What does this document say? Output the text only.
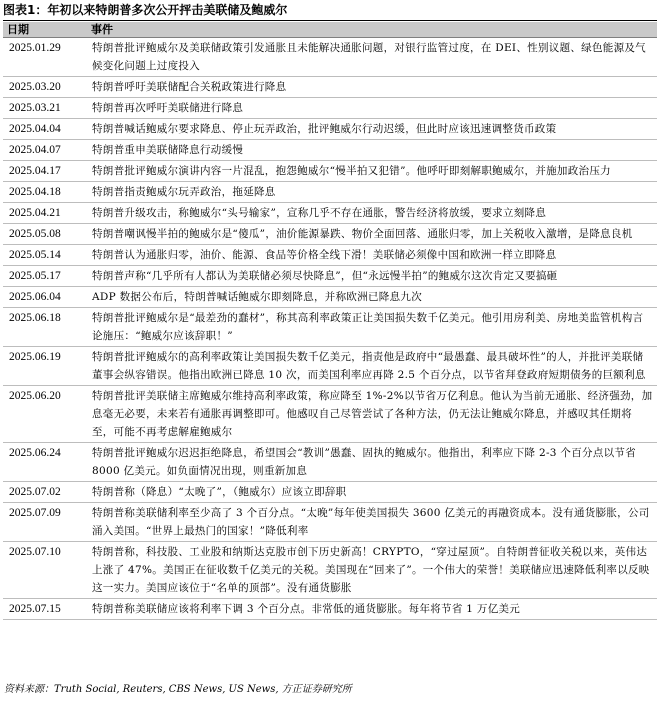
图表1：年初以来特朗普多次公开抨击美联储及鲍威尔
日期	事件
2025.01.29	特朗普批评鲍威尔及美联储政策引发通胀且未能解决通胀问题，对银行监管过度，在 DEI、性别议题、绿色能源及气候变化问题上过度投入
2025.03.20	特朗普呼吁美联储配合关税政策进行降息
2025.03.21	特朗普再次呼吁美联储进行降息
2025.04.04	特朗普喊话鲍威尔要求降息、停止玩弄政治，批评鲍威尔行动迟缓，但此时应该迅速调整货币政策
2025.04.07	特朗普重申美联储降息行动缓慢
2025.04.17	特朗普批评鲍威尔演讲内容一片混乱，抱怨鲍威尔“慢半拍又犯错”。他呼吁即刻解职鲍威尔，并施加政治压力
2025.04.18	特朗普指责鲍威尔玩弄政治，拖延降息
2025.04.21	特朗普升级攻击，称鲍威尔“头号输家”，宣称几乎不存在通胀，警告经济将放缓，要求立刻降息
2025.05.08	特朗普嘲讽慢半拍的鲍威尔是“傻瓜”，油价能源暴跌、物价全面回落、通胀归零，加上关税收入激增，是降息良机
2025.05.14	特朗普认为通胀归零，油价、能源、食品等价格全线下滑！美联储必须像中国和欧洲一样立即降息
2025.05.17	特朗普声称“几乎所有人都认为美联储必须尽快降息”，但“永远慢半拍”的鲍威尔这次肯定又要搞砸
2025.06.04	ADP 数据公布后，特朗普喊话鲍威尔即刻降息，并称欧洲已降息九次
2025.06.18	特朗普批评鲍威尔是“最差劲的蠢材”，称其高利率政策正让美国损失数千亿美元。他引用房利美、房地美监管机构言论施压：“鲍威尔应该辞职！”
2025.06.19	特朗普批评鲍威尔的高利率政策让美国损失数千亿美元，指责他是政府中“最愚蠢、最具破坏性”的人，并批评美联储董事会纵容错误。他指出欧洲已降息 10 次，而美国利率应再降 2.5 个百分点，以节省拜登政府短期债务的巨额利息
2025.06.20	特朗普批评美联储主席鲍威尔维持高利率政策，称应降至 1%-2%以节省万亿利息。他认为当前无通胀、经济强劲，加息毫无必要，未来若有通胀再调整即可。他感叹自己尽管尝试了各种方法，仍无法让鲍威尔降息，并感叹其任期将至，可能不再考虑解雇鲍威尔
2025.06.24	特朗普批评鲍威尔迟迟拒绝降息，希望国会“教训”愚蠢、固执的鲍威尔。他指出，利率应下降 2-3 个百分点以节省 8000 亿美元。如负面情况出现，则重新加息
2025.07.02	特朗普称（降息）“太晚了”，（鲍威尔）应该立即辞职
2025.07.09	特朗普称美联储利率至少高了 3 个百分点。“太晚”每年使美国损失 3600 亿美元的再融资成本。没有通货膨胀，公司涌入美国。“世界上最热门的国家！”降低利率
2025.07.10	特朗普称，科技股、工业股和纳斯达克股市创下历史新高！CRYPTO，“穿过屋顶”。自特朗普征收关税以来，英伟达上涨了 47%。美国正在征收数千亿美元的关税。美国现在“回来了”。一个伟大的荣誉！美联储应迅速降低利率以反映这一实力。美国应该位于“名单的顶部”。没有通货膨胀
2025.07.15	特朗普称美联储应该将利率下调 3 个百分点。非常低的通货膨胀。每年将节省 1 万亿美元
资料来源：Truth Social, Reuters, CBS News, US News, 方正证券研究所
